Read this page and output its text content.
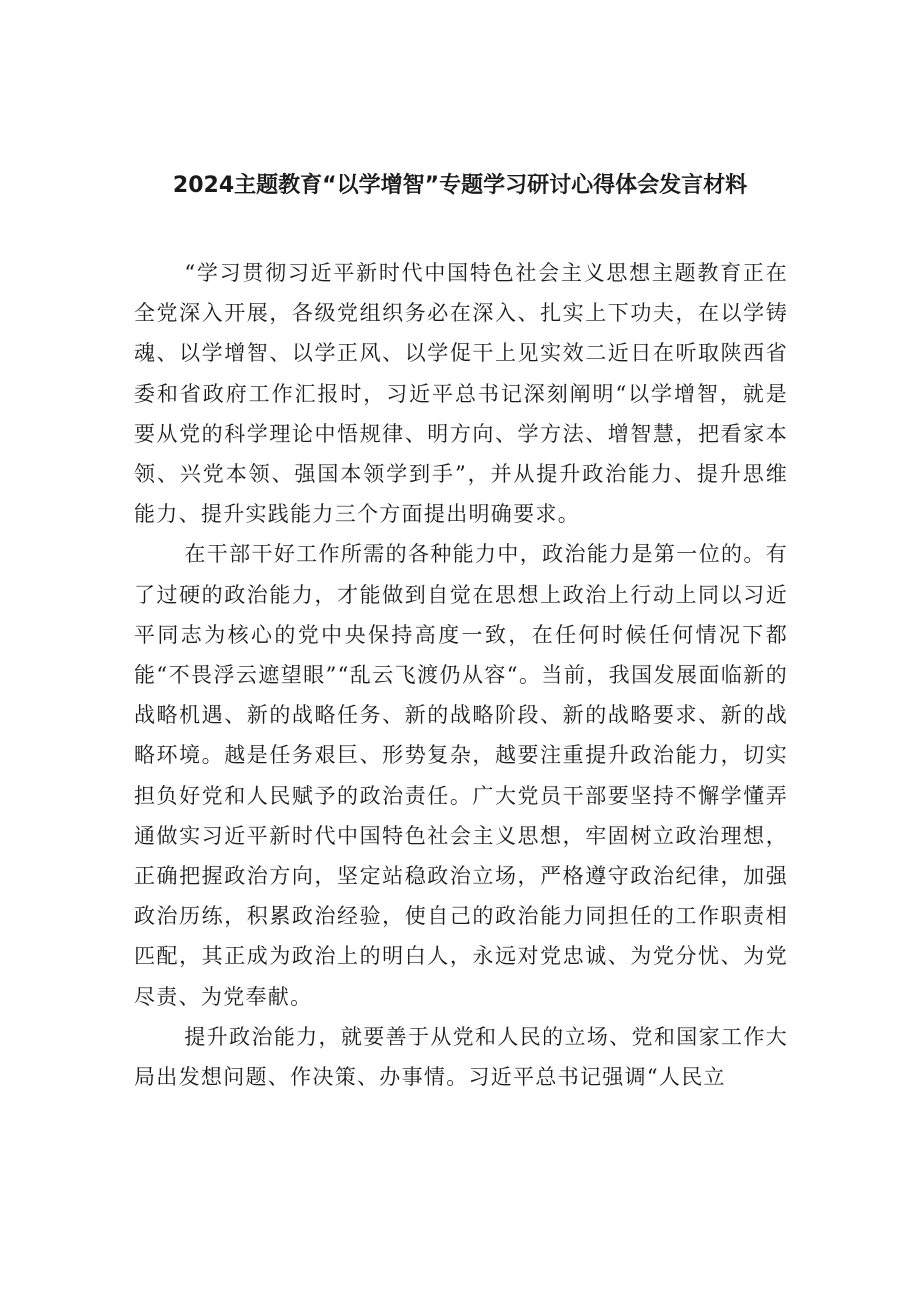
2024主题教育“以学增智”专题学习研讨心得体会发言材料

“学习贯彻习近平新时代中国特色社会主义思想主题教育正在全党深入开展，各级党组织务必在深入、扎实上下功夫，在以学铸魂、以学增智、以学正风、以学促干上见实效二近日在听取陕西省委和省政府工作汇报时，习近平总书记深刻阐明“以学增智，就是要从党的科学理论中悟规律、明方向、学方法、增智慧，把看家本领、兴党本领、强国本领学到手”，并从提升政治能力、提升思维能力、提升实践能力三个方面提出明确要求。

在干部干好工作所需的各种能力中，政治能力是第一位的。有了过硬的政治能力，才能做到自觉在思想上政治上行动上同以习近平同志为核心的党中央保持高度一致，在任何时候任何情况下都能“不畏浮云遮望眼”“乱云飞渡仍从容“。当前，我国发展面临新的战略机遇、新的战略任务、新的战略阶段、新的战略要求、新的战略环境。越是任务艰巨、形势复杂，越要注重提升政治能力，切实担负好党和人民赋予的政治责任。广大党员干部要坚持不懈学懂弄通做实习近平新时代中国特色社会主义思想，牢固树立政治理想，正确把握政治方向，坚定站稳政治立场，严格遵守政治纪律，加强政治历练，积累政治经验，使自己的政治能力同担任的工作职责相匹配，其正成为政治上的明白人，永远对党忠诚、为党分忧、为党尽责、为党奉献。

提升政治能力，就要善于从党和人民的立场、党和国家工作大局出发想问题、作决策、办事情。习近平总书记强调“人民立
